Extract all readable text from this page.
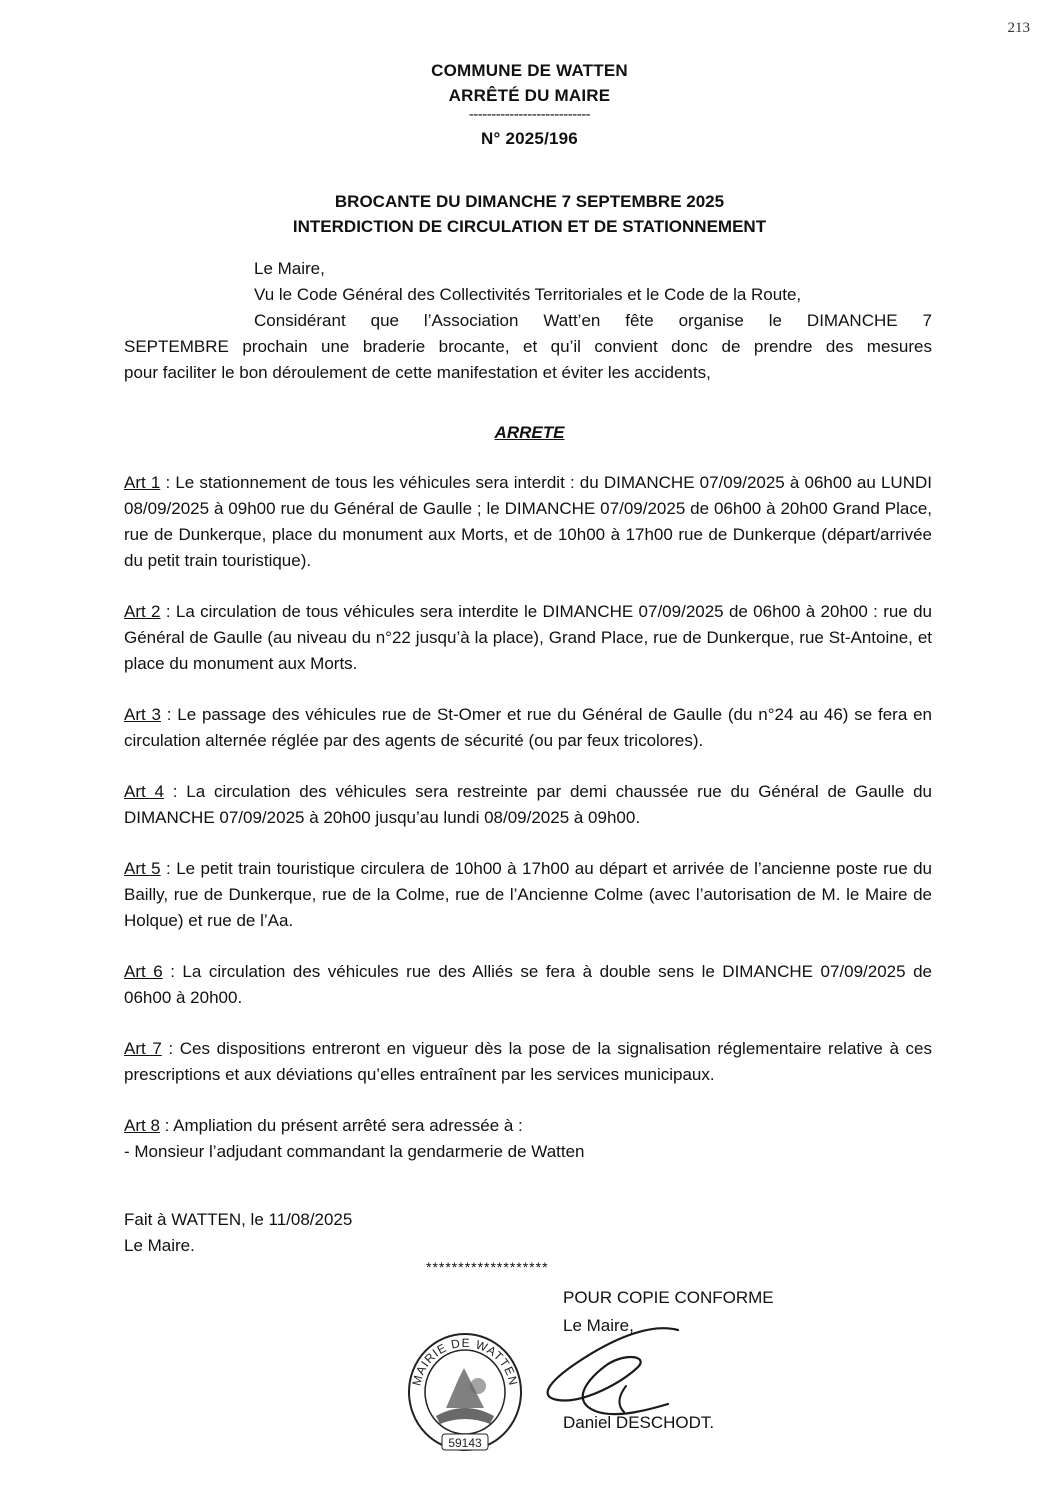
213
COMMUNE DE WATTEN
ARRÊTÉ DU MAIRE
---------------------------
N° 2025/196
BROCANTE DU DIMANCHE 7 SEPTEMBRE 2025
INTERDICTION DE CIRCULATION ET DE STATIONNEMENT
Le Maire,
Vu le Code Général des Collectivités Territoriales et le Code de la Route,
Considérant que l’Association Watt’en fête organise le DIMANCHE 7
SEPTEMBRE prochain une braderie brocante, et qu’il convient donc de prendre des mesures
pour faciliter le bon déroulement de cette manifestation et éviter les accidents,
ARRETE

Art 1 : Le stationnement de tous les véhicules sera interdit : du DIMANCHE 07/09/2025 à 06h00 au LUNDI 08/09/2025 à 09h00 rue du Général de Gaulle ; le DIMANCHE 07/09/2025 de 06h00 à 20h00 Grand Place, rue de Dunkerque, place du monument aux Morts, et de 10h00 à 17h00 rue de Dunkerque (départ/arrivée du petit train touristique).

Art 2 : La circulation de tous véhicules sera interdite le DIMANCHE 07/09/2025 de 06h00 à 20h00 : rue du Général de Gaulle (au niveau du n°22 jusqu’à la place), Grand Place, rue de Dunkerque, rue St-Antoine, et place du monument aux Morts.

Art 3 : Le passage des véhicules rue de St-Omer et rue du Général de Gaulle (du n°24 au 46) se fera en circulation alternée réglée par des agents de sécurité (ou par feux tricolores).

Art 4 : La circulation des véhicules sera restreinte par demi chaussée rue du Général de Gaulle du DIMANCHE 07/09/2025 à 20h00 jusqu’au lundi 08/09/2025 à 09h00.

Art 5 : Le petit train touristique circulera de 10h00 à 17h00 au départ et arrivée de l’ancienne poste rue du Bailly, rue de Dunkerque, rue de la Colme, rue de l’Ancienne Colme (avec l’autorisation de M. le Maire de Holque) et rue de l’Aa.

Art 6 : La circulation des véhicules rue des Alliés se fera à double sens le DIMANCHE 07/09/2025 de 06h00 à 20h00.

Art 7 : Ces dispositions entreront en vigueur dès la pose de la signalisation réglementaire relative à ces prescriptions et aux déviations qu’elles entraînent par les services municipaux.

Art 8 : Ampliation du présent arrêté sera adressée à :
- Monsieur l’adjudant commandant la gendarmerie de Watten

Fait à WATTEN, le 11/08/2025
Le Maire.
*******************
POUR COPIE CONFORME
Le Maire,
MAIRIE DE WATTEN
59143
Daniel DESCHODT.
